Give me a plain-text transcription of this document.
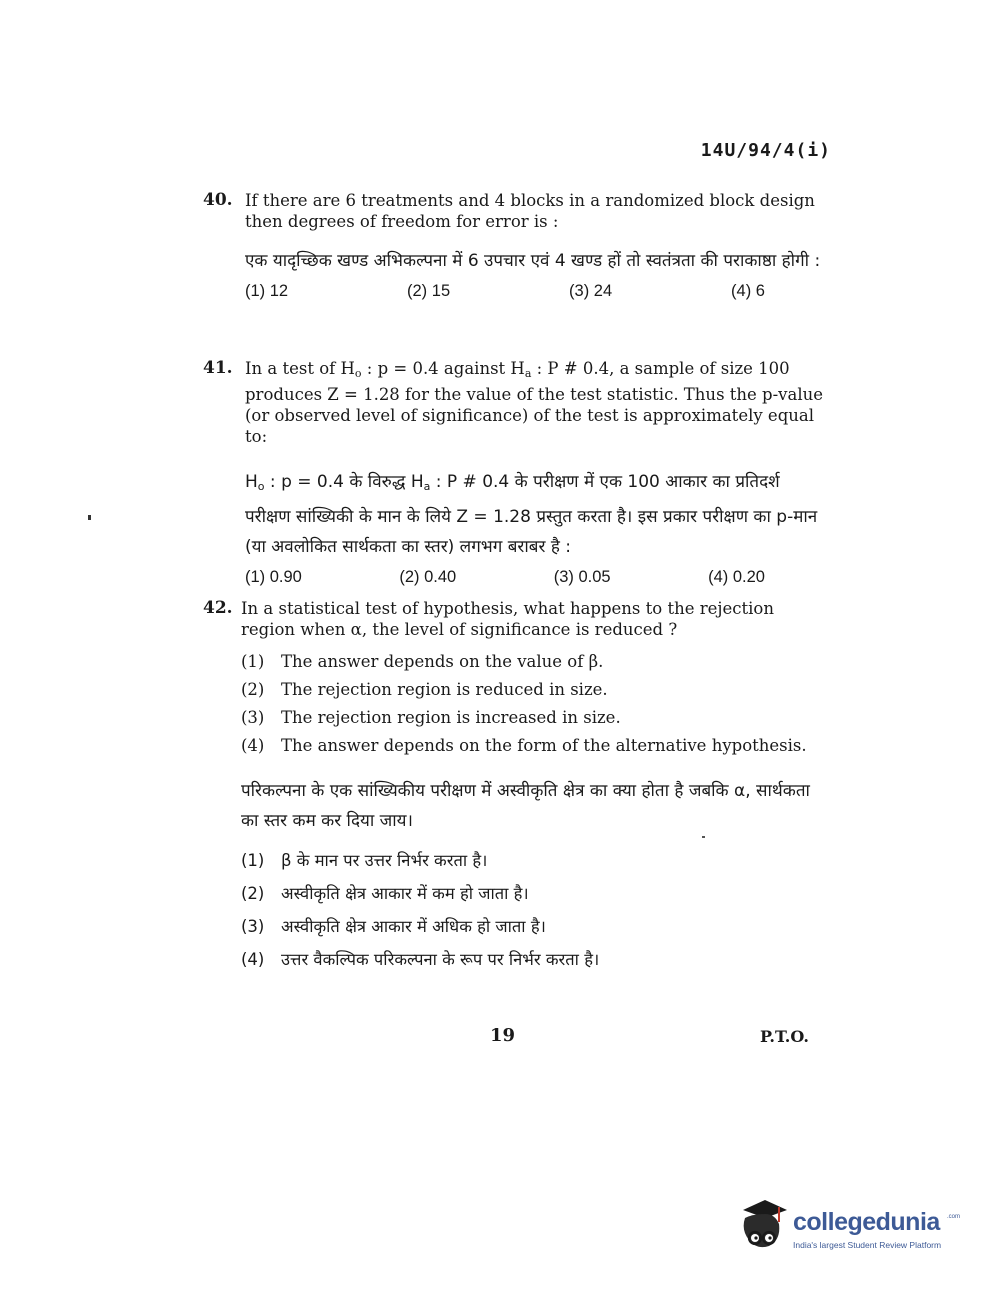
14U/94/4(i)
40. If there are 6 treatments and 4 blocks in a randomized block design then degrees of freedom for error is :

एक यादृच्छिक खण्ड अभिकल्पना में 6 उपचार एवं 4 खण्ड हों तो स्वतंत्रता की पराकाष्ठा होगी :

(1) 12	(2) 15	(3) 24	(4) 6
41. In a test of $H_o$ : p = 0.4 against $H_a$ : P # 0.4, a sample of size 100 produces Z = 1.28 for the value of the test statistic. Thus the p-value (or observed level of significance) of the test is approximately equal to:

$H_o$ : p = 0.4 के विरुद्ध $H_a$ : P # 0.4 के परीक्षण में एक 100 आकार का प्रतिदर्श परीक्षण सांख्यिकी के मान के लिये Z = 1.28 प्रस्तुत करता है। इस प्रकार परीक्षण का p-मान (या अवलोकित सार्थकता का स्तर) लगभग बराबर है :

(1) 0.90	(2) 0.40	(3) 0.05	(4) 0.20
42. In a statistical test of hypothesis, what happens to the rejection region when α, the level of significance is reduced ?

(1)	The answer depends on the value of β.
(2)	The rejection region is reduced in size.
(3)	The rejection region is increased in size.
(4)	The answer depends on the form of the alternative hypothesis.

परिकल्पना के एक सांख्यिकीय परीक्षण में अस्वीकृति क्षेत्र का क्या होता है जबकि α, सार्थकता का स्तर कम कर दिया जाय।

(1)	β के मान पर उत्तर निर्भर करता है।
(2)	अस्वीकृति क्षेत्र आकार में कम हो जाता है।
(3)	अस्वीकृति क्षेत्र आकार में अधिक हो जाता है।
(4)	उत्तर वैकल्पिक परिकल्पना के रूप पर निर्भर करता है।
19	P.T.O.
collegedunia .com
India's largest Student Review Platform
